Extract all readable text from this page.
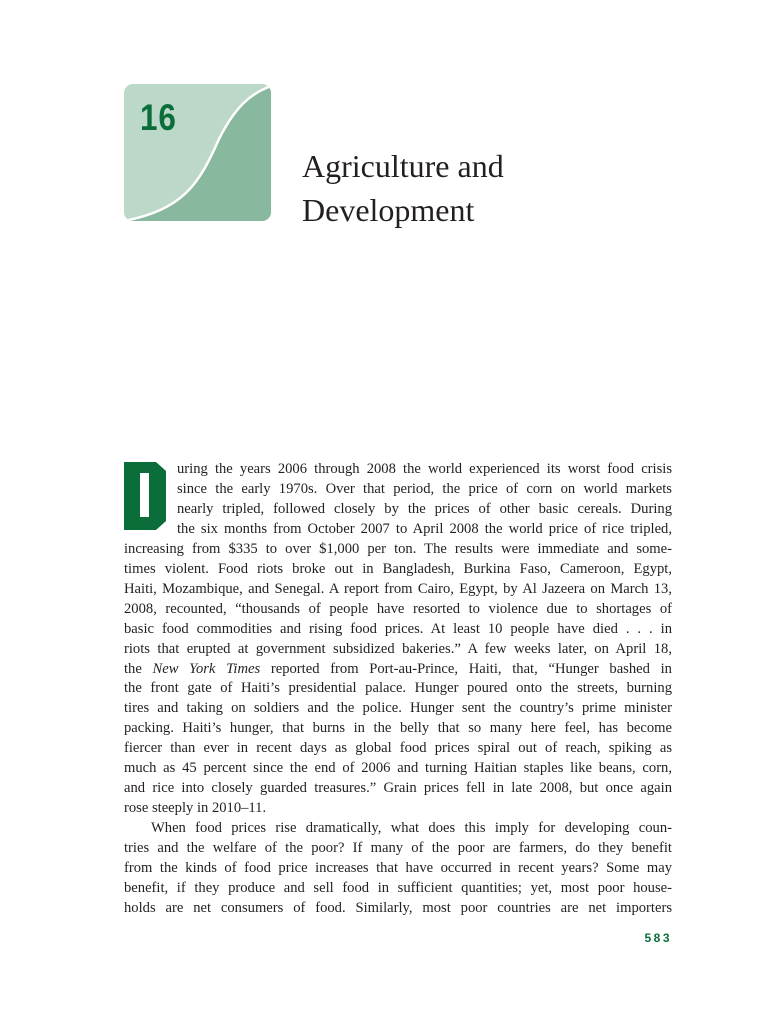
16
Agriculture and
Development
uring the years 2006 through 2008 the world experienced its worst food crisis
since the early 1970s. Over that period, the price of corn on world markets
nearly tripled, followed closely by the prices of other basic cereals. During
the six months from October 2007 to April 2008 the world price of rice tripled,
increasing from $335 to over $1,000 per ton. The results were immediate and some-
times violent. Food riots broke out in Bangladesh, Burkina Faso, Cameroon, Egypt,
Haiti, Mozambique, and Senegal. A report from Cairo, Egypt, by Al Jazeera on March 13,
2008, recounted, “thousands of people have resorted to violence due to shortages of
basic food commodities and rising food prices. At least 10 people have died . . . in
riots that erupted at government subsidized bakeries.” A few weeks later, on April 18,
the New York Times reported from Port-au-Prince, Haiti, that, “Hunger bashed in
the front gate of Haiti’s presidential palace. Hunger poured onto the streets, burning
tires and taking on soldiers and the police. Hunger sent the country’s prime minister
packing. Haiti’s hunger, that burns in the belly that so many here feel, has become
fiercer than ever in recent days as global food prices spiral out of reach, spiking as
much as 45 percent since the end of 2006 and turning Haitian staples like beans, corn,
and rice into closely guarded treasures.” Grain prices fell in late 2008, but once again
rose steeply in 2010–11.
When food prices rise dramatically, what does this imply for developing coun-
tries and the welfare of the poor? If many of the poor are farmers, do they benefit
from the kinds of food price increases that have occurred in recent years? Some may
benefit, if they produce and sell food in sufficient quantities; yet, most poor house-
holds are net consumers of food. Similarly, most poor countries are net importers
583
